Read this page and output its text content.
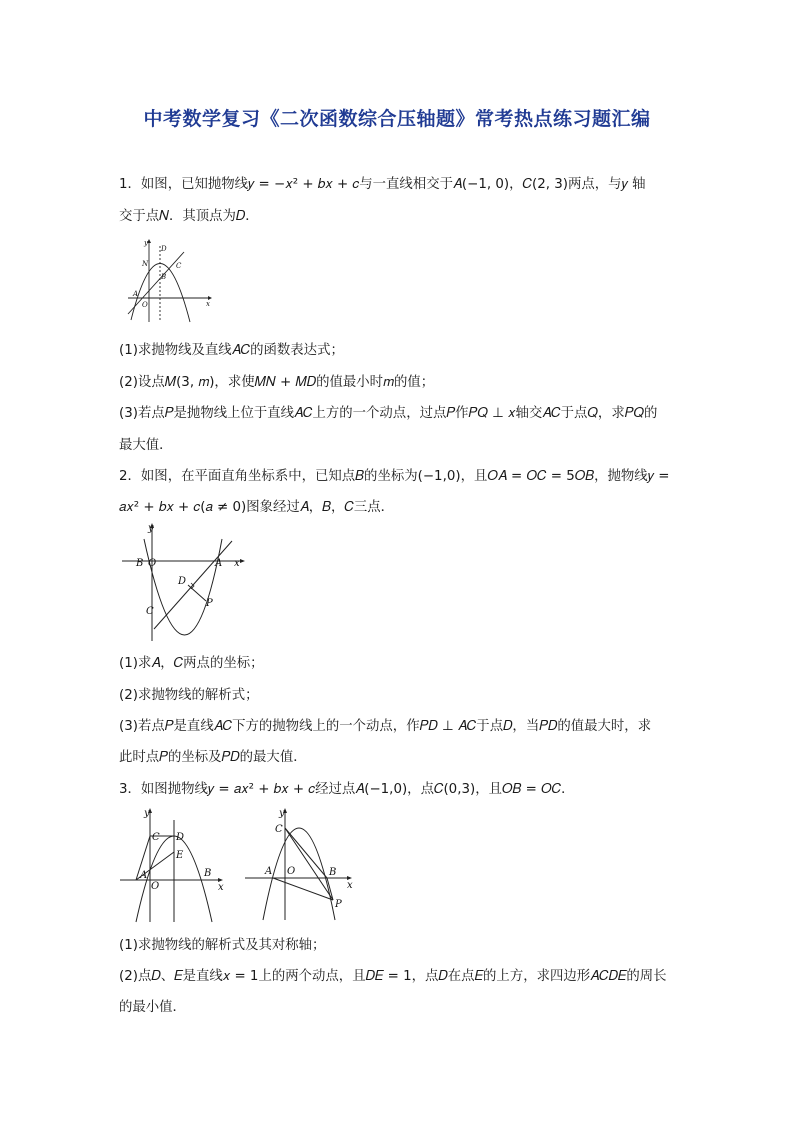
中考数学复习《二次函数综合压轴题》常考热点练习题汇编
1．如图，已知抛物线𝑦 = −𝑥² + 𝑏𝑥 + 𝑐与一直线相交于𝐴(−1, 0)，𝐶(2, 3)两点，与𝑦 轴
交于点𝑁．其顶点为𝐷．
y
D
N	C
B
A
O	x
(1)求抛物线及直线𝐴𝐶的函数表达式；
(2)设点𝑀(3, 𝑚)，求使𝑀𝑁 + 𝑀𝐷的值最小时𝑚的值；
(3)若点𝑃是抛物线上位于直线𝐴𝐶上方的一个动点，过点𝑃作𝑃𝑄 ⊥ 𝑥轴交𝐴𝐶于点𝑄，求𝑃𝑄的
最大值．
2．如图，在平面直角坐标系中，已知点𝐵的坐标为(−1,0)，且𝑂𝐴 = 𝑂𝐶 = 5𝑂𝐵，抛物线𝑦 =
𝑎𝑥² + 𝑏𝑥 + 𝑐(𝑎 ≠ 0)图象经过𝐴，𝐵，𝐶三点．
y
B O	A x
D
P
C
(1)求𝐴，𝐶两点的坐标；
(2)求抛物线的解析式；
(3)若点𝑃是直线𝐴𝐶下方的抛物线上的一个动点，作𝑃𝐷 ⊥ 𝐴𝐶于点𝐷，当𝑃𝐷的值最大时，求
此时点𝑃的坐标及𝑃𝐷的最大值．
3．如图抛物线𝑦 = 𝑎𝑥² + 𝑏𝑥 + 𝑐经过点𝐴(−1,0)，点𝐶(0,3)，且𝑂𝐵 = 𝑂𝐶．
y
C D
E
A
O
B
x
y
C
A O	B
x
P
(1)求抛物线的解析式及其对称轴；
(2)点𝐷、𝐸是直线𝑥 = 1上的两个动点，且𝐷𝐸 = 1，点𝐷在点𝐸的上方，求四边形𝐴𝐶𝐷𝐸的周长
的最小值．
